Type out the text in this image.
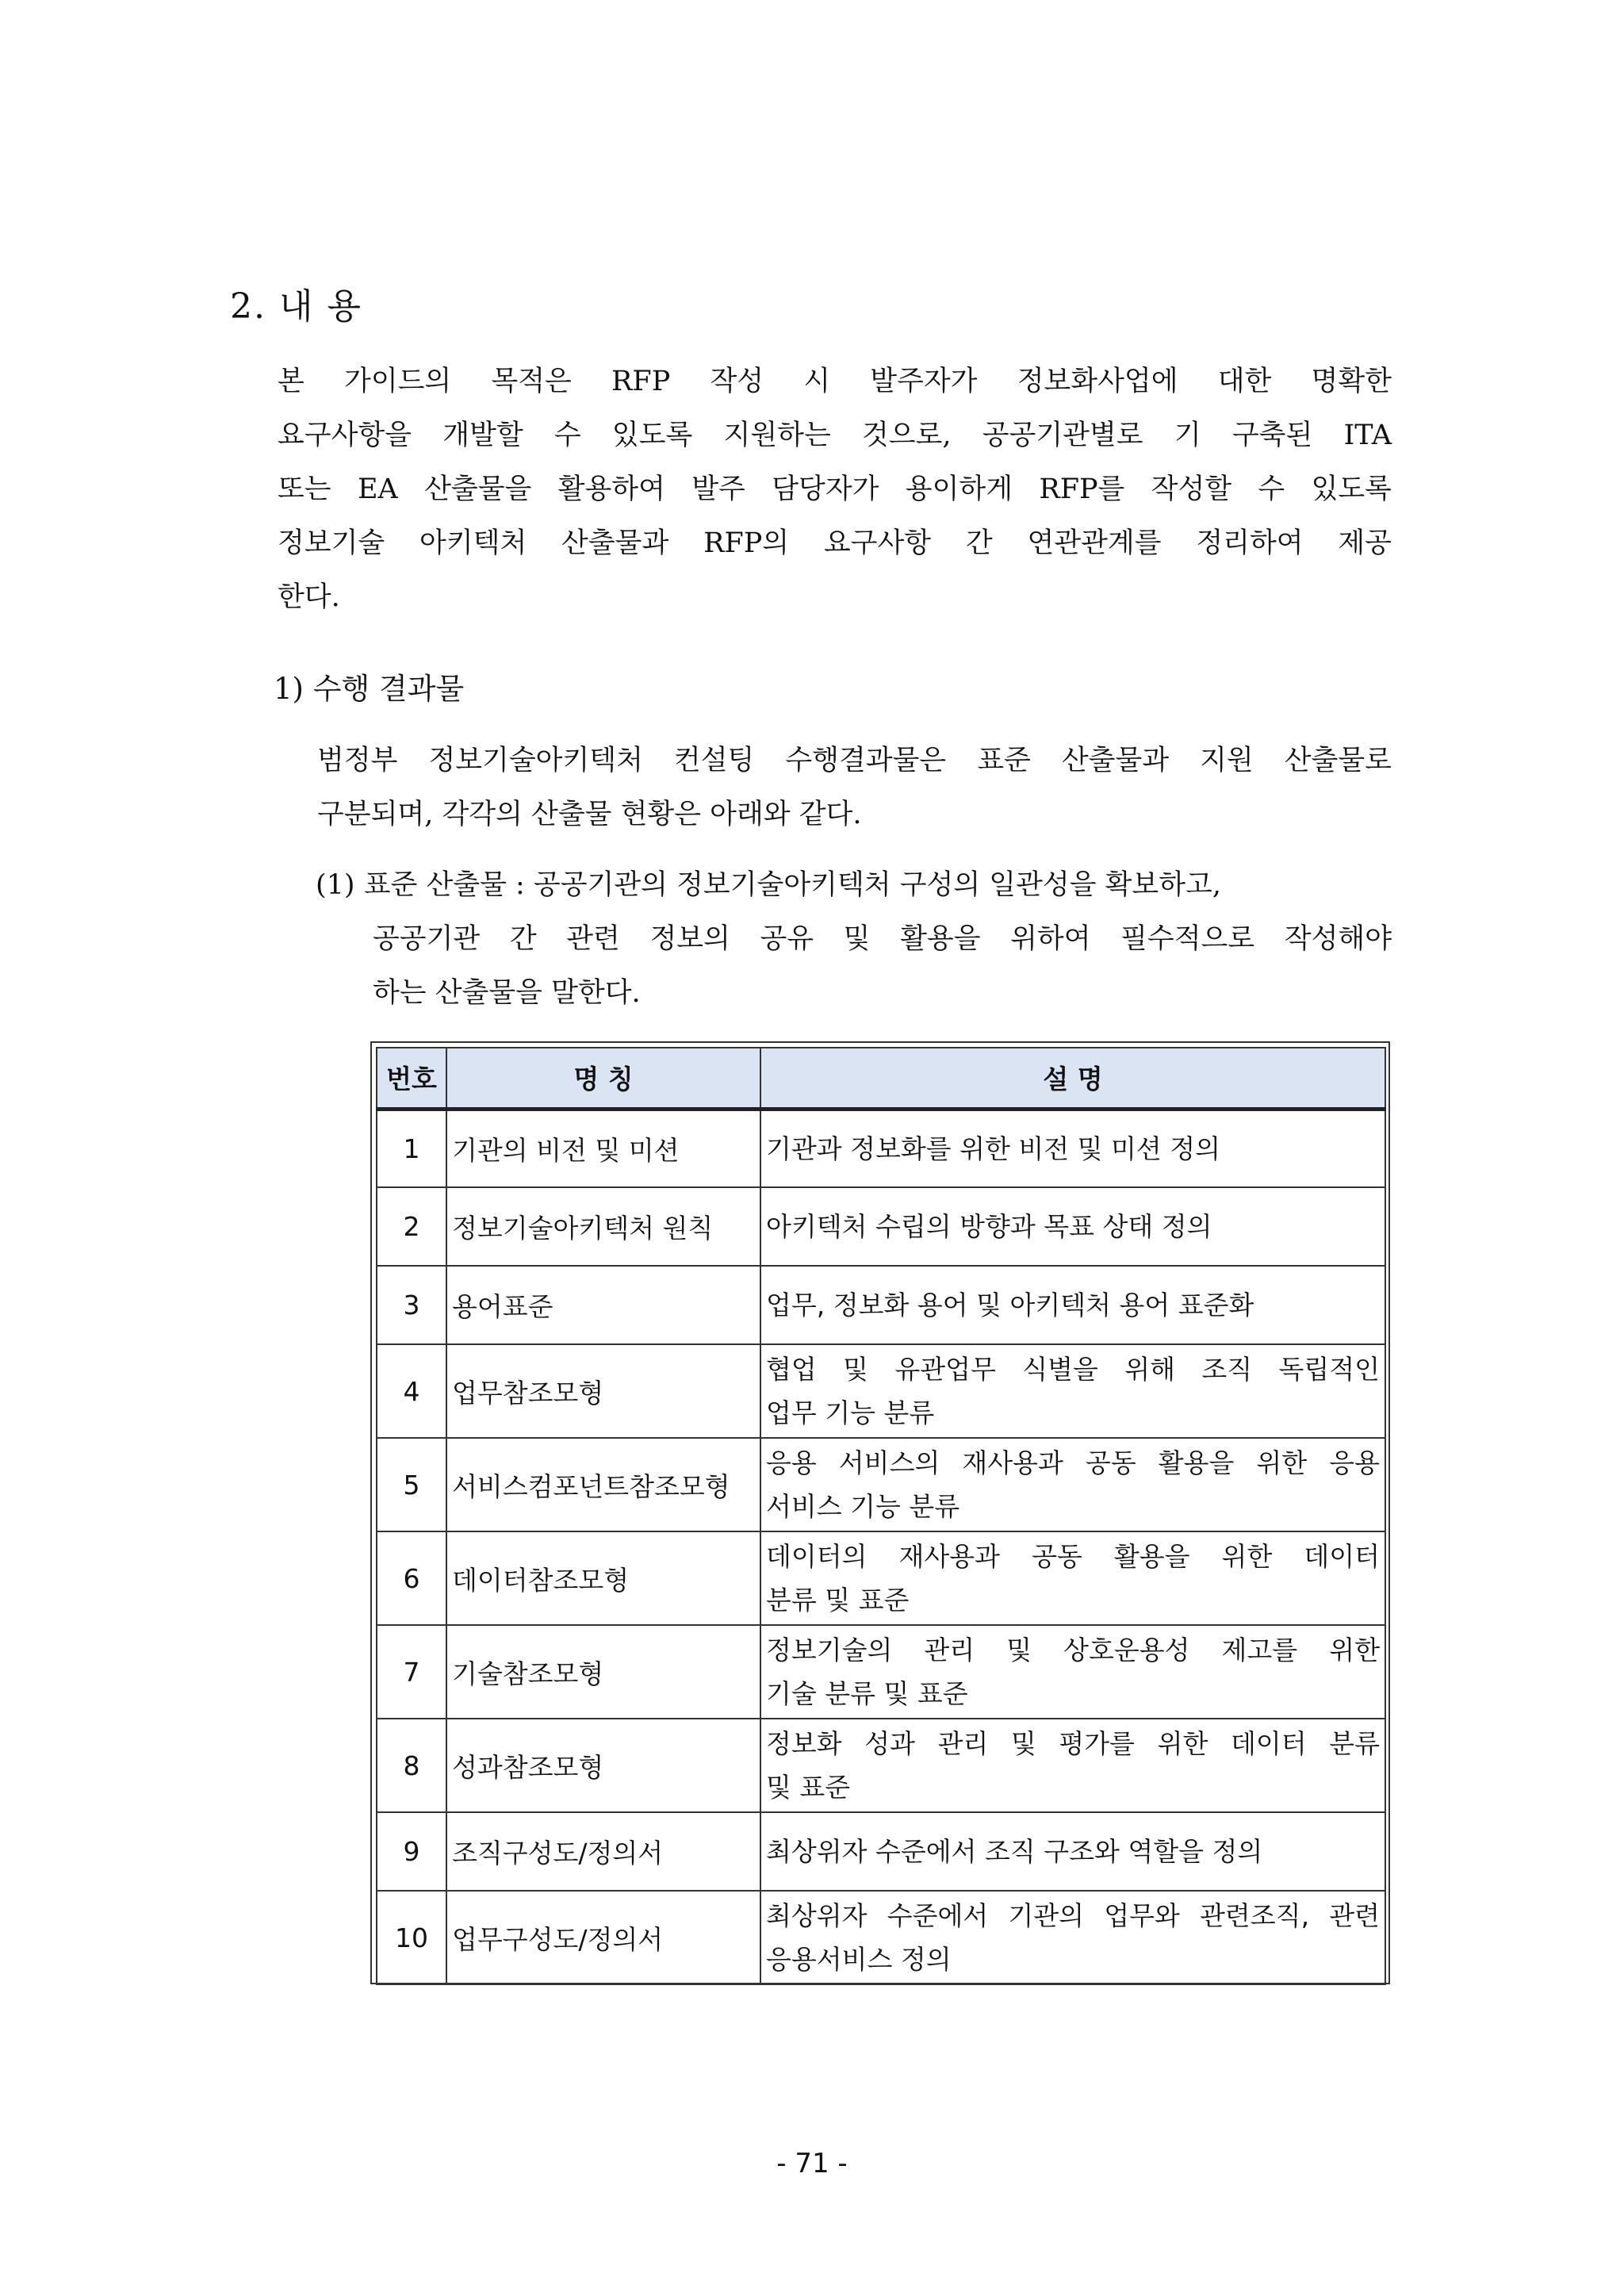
2. 내 용
본 가이드의 목적은 RFP 작성 시 발주자가 정보화사업에 대한 명확한
요구사항을 개발할 수 있도록 지원하는 것으로, 공공기관별로 기 구축된 ITA
또는 EA 산출물을 활용하여 발주 담당자가 용이하게 RFP를 작성할 수 있도록
정보기술 아키텍처 산출물과 RFP의 요구사항 간 연관관계를 정리하여 제공
한다.
1) 수행 결과물
범정부 정보기술아키텍처 컨설팅 수행결과물은 표준 산출물과 지원 산출물로
구분되며, 각각의 산출물 현황은 아래와 같다.
(1) 표준 산출물 : 공공기관의 정보기술아키텍처 구성의 일관성을 확보하고,
공공기관 간 관련 정보의 공유 및 활용을 위하여 필수적으로 작성해야
하는 산출물을 말한다.
번호	명 칭	설 명
1	기관의 비전 및 미션	기관과 정보화를 위한 비전 및 미션 정의

2	정보기술아키텍처 원칙	아키텍처 수립의 방향과 목표 상태 정의

3	용어표준	업무, 정보화 용어 및 아키텍처 용어 표준화

4	업무참조모형	협업 및 유관업무 식별을 위해 조직 독립적인
업무 기능 분류

5	서비스컴포넌트참조모형	응용 서비스의 재사용과 공동 활용을 위한 응용
서비스 기능 분류

6	데이터참조모형	데이터의 재사용과 공동 활용을 위한 데이터
분류 및 표준

7	기술참조모형	정보기술의 관리 및 상호운용성 제고를 위한
기술 분류 및 표준

8	성과참조모형	정보화 성과 관리 및 평가를 위한 데이터 분류
및 표준

9	조직구성도/정의서	최상위자 수준에서 조직 구조와 역할을 정의

10	업무구성도/정의서	최상위자 수준에서 기관의 업무와 관련조직, 관련
응용서비스 정의
- 71 -
